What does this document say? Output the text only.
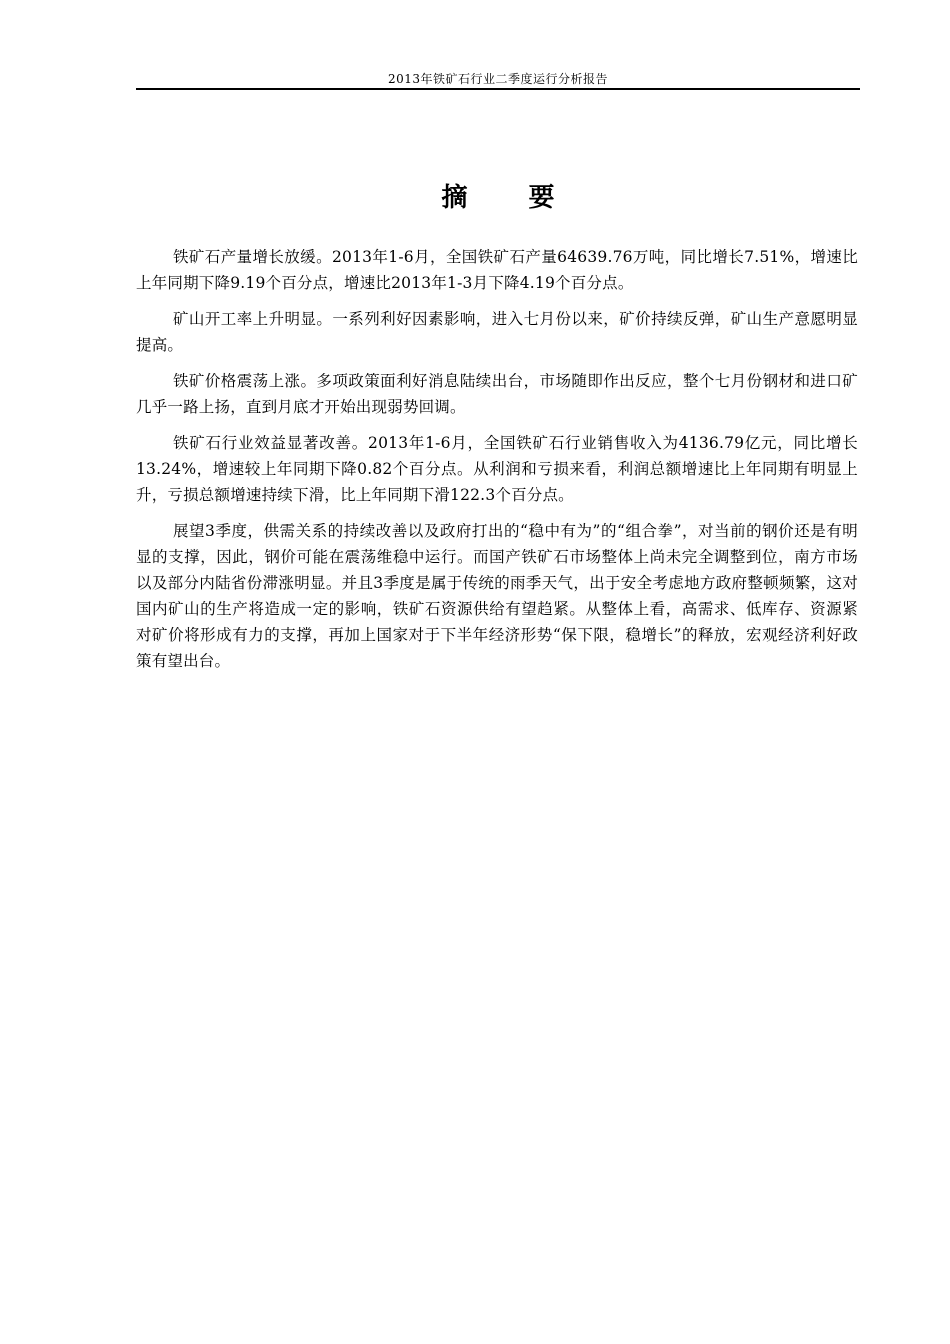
2013年铁矿石行业二季度运行分析报告
摘 要

铁矿石产量增长放缓。2013年1-6月，全国铁矿石产量64639.76万吨，同比增长7.51%，增速比上年同期下降9.19个百分点，增速比2013年1-3月下降4.19个百分点。

矿山开工率上升明显。一系列利好因素影响，进入七月份以来，矿价持续反弹，矿山生产意愿明显提高。

铁矿价格震荡上涨。多项政策面利好消息陆续出台，市场随即作出反应，整个七月份钢材和进口矿几乎一路上扬，直到月底才开始出现弱势回调。

铁矿石行业效益显著改善。2013年1-6月，全国铁矿石行业销售收入为4136.79亿元，同比增长13.24%，增速较上年同期下降0.82个百分点。从利润和亏损来看，利润总额增速比上年同期有明显上升，亏损总额增速持续下滑，比上年同期下滑122.3个百分点。

展望3季度，供需关系的持续改善以及政府打出的“稳中有为”的“组合拳”，对当前的钢价还是有明显的支撑，因此，钢价可能在震荡维稳中运行。而国产铁矿石市场整体上尚未完全调整到位，南方市场以及部分内陆省份滞涨明显。并且3季度是属于传统的雨季天气，出于安全考虑地方政府整顿频繁，这对国内矿山的生产将造成一定的影响，铁矿石资源供给有望趋紧。从整体上看，高需求、低库存、资源紧对矿价将形成有力的支撑，再加上国家对于下半年经济形势“保下限，稳增长”的释放，宏观经济利好政策有望出台。
